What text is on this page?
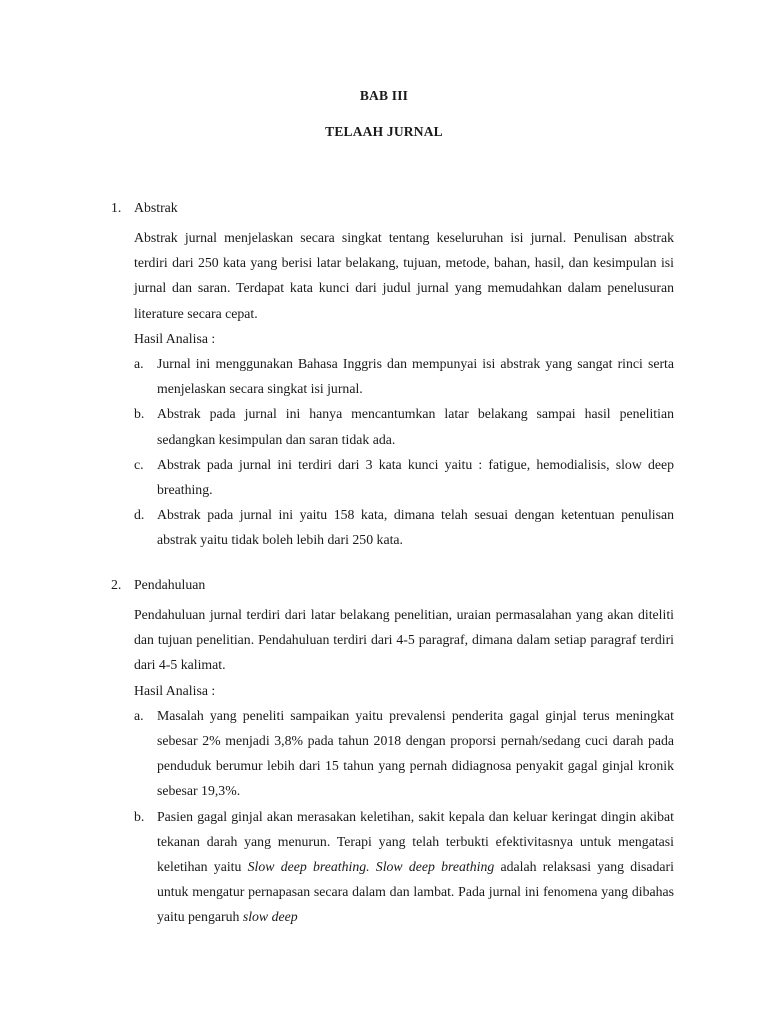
BAB III
TELAAH JURNAL
1. Abstrak
Abstrak jurnal menjelaskan secara singkat tentang keseluruhan isi jurnal. Penulisan abstrak terdiri dari 250 kata yang berisi latar belakang, tujuan, metode, bahan, hasil, dan kesimpulan isi jurnal dan saran. Terdapat kata kunci dari judul jurnal yang memudahkan dalam penelusuran literature secara cepat.
Hasil Analisa :
a. Jurnal ini menggunakan Bahasa Inggris dan mempunyai isi abstrak yang sangat rinci serta menjelaskan secara singkat isi jurnal.
b. Abstrak pada jurnal ini hanya mencantumkan latar belakang sampai hasil penelitian sedangkan kesimpulan dan saran tidak ada.
c. Abstrak pada jurnal ini terdiri dari 3 kata kunci yaitu : fatigue, hemodialisis, slow deep breathing.
d. Abstrak pada jurnal ini yaitu 158 kata, dimana telah sesuai dengan ketentuan penulisan abstrak yaitu tidak boleh lebih dari 250 kata.
2. Pendahuluan
Pendahuluan jurnal terdiri dari latar belakang penelitian, uraian permasalahan yang akan diteliti dan tujuan penelitian. Pendahuluan terdiri dari 4-5 paragraf, dimana dalam setiap paragraf terdiri dari 4-5 kalimat.
Hasil Analisa :
a. Masalah yang peneliti sampaikan yaitu prevalensi penderita gagal ginjal terus meningkat sebesar 2% menjadi 3,8% pada tahun 2018 dengan proporsi pernah/sedang cuci darah pada penduduk berumur lebih dari 15 tahun yang pernah didiagnosa penyakit gagal ginjal kronik sebesar 19,3%.
b. Pasien gagal ginjal akan merasakan keletihan, sakit kepala dan keluar keringat dingin akibat tekanan darah yang menurun. Terapi yang telah terbukti efektivitasnya untuk mengatasi keletihan yaitu Slow deep breathing. Slow deep breathing adalah relaksasi yang disadari untuk mengatur pernapasan secara dalam dan lambat. Pada jurnal ini fenomena yang dibahas yaitu pengaruh slow deep
